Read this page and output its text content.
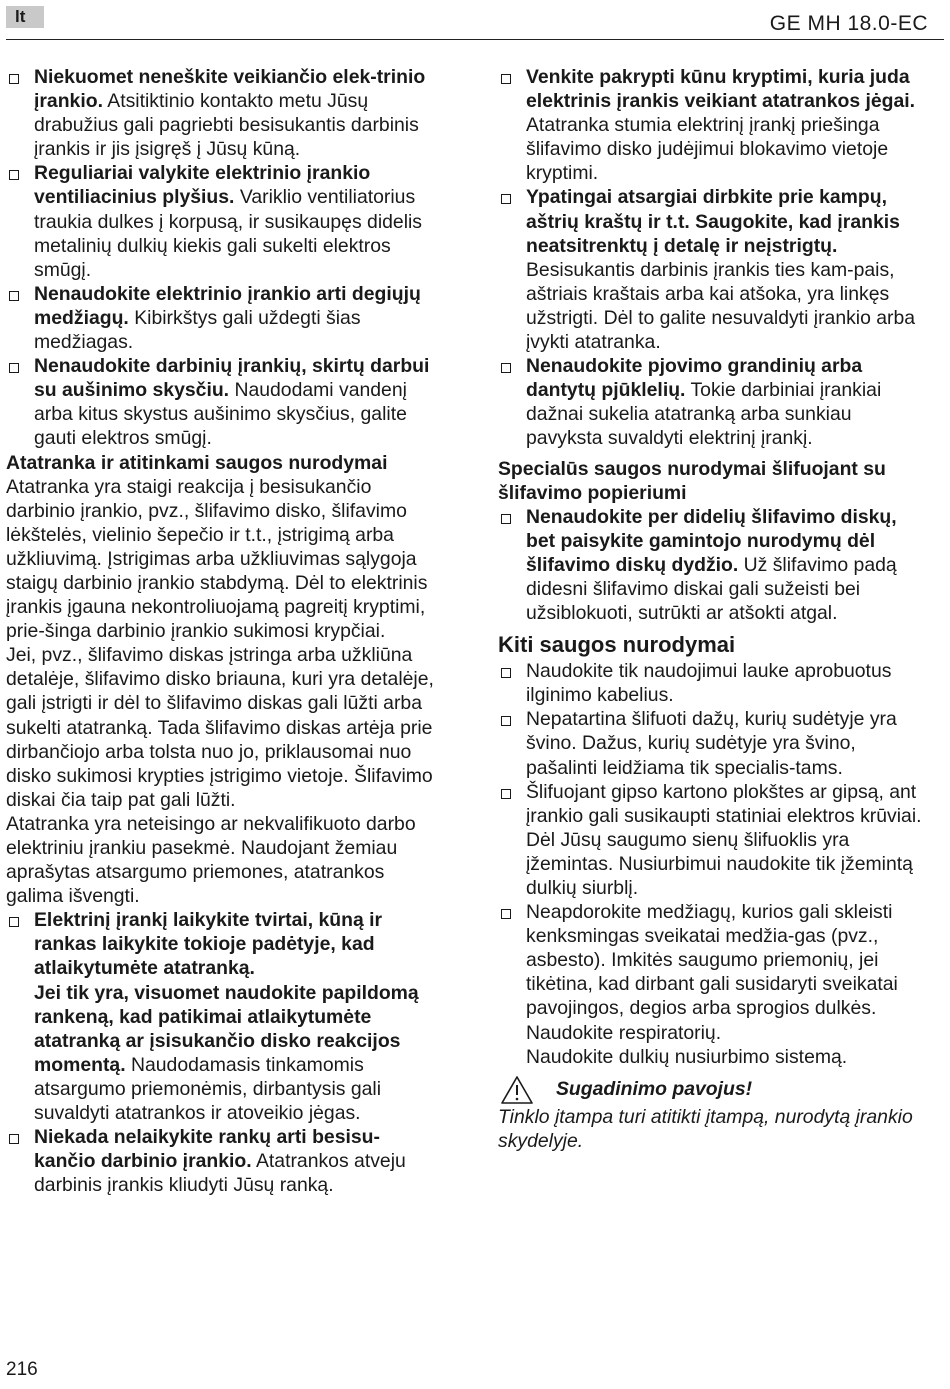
lt	GE MH 18.0-EC
Niekuomet neneškite veikiančio elek-trinio įrankio. Atsitiktinio kontakto metu Jūsų drabužius gali pagriebti besisukantis darbinis įrankis ir jis įsigręš į Jūsų kūną.
Reguliariai valykite elektrinio įrankio ventiliacinius plyšius. Variklio ventiliatorius traukia dulkes į korpusą, ir susikaupęs didelis metalinių dulkių kiekis gali sukelti elektros smūgį.
Nenaudokite elektrinio įrankio arti degiųjų medžiagų. Kibirkštys gali uždegti šias medžiagas.
Nenaudokite darbinių įrankių, skirtų darbui su aušinimo skysčiu. Naudodami vandenį arba kitus skystus aušinimo skysčius, galite gauti elektros smūgį.

Atatranka ir atitinkami saugos nurodymai

Atatranka yra staigi reakcija į besisukančio darbinio įrankio, pvz., šlifavimo disko, šlifavimo lėkštelės, vielinio šepečio ir t.t., įstrigimą arba užkliuvimą. Įstrigimas arba užkliuvimas sąlygoja staigų darbinio įrankio stabdymą. Dėl to elektrinis įrankis įgauna nekontroliuojamą pagreitį kryptimi, prie-šinga darbinio įrankio sukimosi krypčiai.

Jei, pvz., šlifavimo diskas įstringa arba užkliūna detalėje, šlifavimo disko briauna, kuri yra detalėje, gali įstrigti ir dėl to šlifavimo diskas gali lūžti arba sukelti atatranką. Tada šlifavimo diskas artėja prie dirbančiojo arba tolsta nuo jo, priklausomai nuo disko sukimosi krypties įstrigimo vietoje. Šlifavimo diskai čia taip pat gali lūžti.

Atatranka yra neteisingo ar nekvalifikuoto darbo elektriniu įrankiu pasekmė. Naudojant žemiau aprašytas atsargumo priemones, atatrankos galima išvengti.

Elektrinį įrankį laikykite tvirtai, kūną ir rankas laikykite tokioje padėtyje, kad atlaikytumėte atatranką.
Jei tik yra, visuomet naudokite papildomą rankeną, kad patikimai atlaikytumėte atatranką ar įsisukančio disko reakcijos momentą. Naudodamasis tinkamomis atsargumo priemonėmis, dirbantysis gali suvaldyti atatrankos ir atoveikio jėgas.
Niekada nelaikykite rankų arti besisu-kančio darbinio įrankio. Atatrankos atveju darbinis įrankis kliudyti Jūsų ranką.
Venkite pakrypti kūnu kryptimi, kuria juda elektrinis įrankis veikiant atatrankos jėgai. Atatranka stumia elektrinį įrankį priešinga šlifavimo disko judėjimui blokavimo vietoje kryptimi.
Ypatingai atsargiai dirbkite prie kampų, aštrių kraštų ir t.t. Saugokite, kad įrankis neatsitrenktų į detalę ir neįstrigtų. Besisukantis darbinis įrankis ties kam-pais, aštriais kraštais arba kai atšoka, yra linkęs užstrigti. Dėl to galite nesuvaldyti įrankio arba įvykti atatranka.
Nenaudokite pjovimo grandinių arba dantytų pjūklelių. Tokie darbiniai įrankiai dažnai sukelia atatranką arba sunkiau pavyksta suvaldyti elektrinį įrankį.

Specialūs saugos nurodymai šlifuojant su šlifavimo popieriumi

Nenaudokite per didelių šlifavimo diskų, bet paisykite gamintojo nurodymų dėl šlifavimo diskų dydžio. Už šlifavimo padą didesni šlifavimo diskai gali sužeisti bei užsiblokuoti, sutrūkti ar atšokti atgal.
Kiti saugos nurodymai
Naudokite tik naudojimui lauke aprobuotus ilginimo kabelius.
Nepatartina šlifuoti dažų, kurių sudėtyje yra švino. Dažus, kurių sudėtyje yra švino, pašalinti leidžiama tik specialis-tams.
Šlifuojant gipso kartono plokštes ar gipsą, ant įrankio gali susikaupti statiniai elektros krūviai. Dėl Jūsų saugumo sienų šlifuoklis yra įžemintas. Nusiurbimui naudokite tik įžemintą dulkių siurblį.
Neapdorokite medžiagų, kurios gali skleisti kenksmingas sveikatai medžia-gas (pvz., asbesto). Imkitės saugumo priemonių, jei tikėtina, kad dirbant gali susidaryti sveikatai pavojingos, degios arba sprogios dulkės.
Naudokite respiratorių.
Naudokite dulkių nusiurbimo sistemą.
Sugadinimo pavojus!

Tinklo įtampa turi atitikti įtampą, nurodytą įrankio skydelyje.

216
